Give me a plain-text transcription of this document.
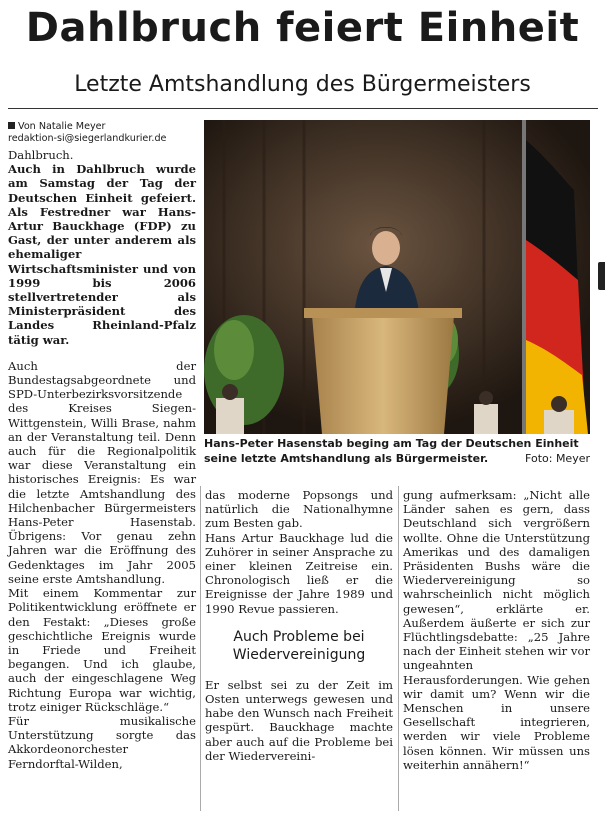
Dahlbruch feiert Einheit
Letzte Amtshandlung des Bürgermeisters
Von Natalie Meyer
redaktion-si@siegerlandkurier.de

Dahlbruch.

Auch in Dahlbruch wurde am Samstag der Tag der Deutschen Einheit gefeiert. Als Festredner war Hans-Artur Bauckhage (FDP) zu Gast, der unter anderem als ehemaliger Wirtschaftsminister und von 1999 bis 2006 stellvertretender als Ministerpräsident des Landes Rheinland-Pfalz tätig war.

Auch der Bundestagsabgeordnete und SPD-Unterbezirksvorsitzende des Kreises Siegen-Wittgenstein, Willi Brase, nahm an der Veranstaltung teil. Denn auch für die Regionalpolitik war diese Veranstaltung ein historisches Ereignis: Es war die letzte Amtshandlung des Hilchenbacher Bürgermeisters Hans-Peter Hasenstab. Übrigens: Vor genau zehn Jahren war die Eröffnung des Gedenktages im Jahr 2005 seine erste Amtshandlung.

Mit einem Kommentar zur Politikentwicklung eröffnete er den Festakt: „Dieses große geschichtliche Ereignis wurde in Friede und Freiheit begangen. Und ich glaube, auch der eingeschlagene Weg Richtung Europa war wichtig, trotz einiger Rückschläge.“

Für musikalische Unterstützung sorgte das Akkordeonorchester Ferndorftal-Wilden,

Hans-Peter Hasenstab beging am Tag der Deutschen Einheit seine letzte Amtshandlung als Bürgermeister.	Foto: Meyer

das moderne Popsongs und natürlich die Nationalhymne zum Besten gab.

Hans Artur Bauckhage lud die Zuhörer in seiner Ansprache zu einer kleinen Zeitreise ein. Chronologisch ließ er die Ereignisse der Jahre 1989 und 1990 Revue passieren.

Auch Probleme bei Wiedervereinigung

Er selbst sei zu der Zeit im Osten unterwegs gewesen und habe den Wunsch nach Freiheit gespürt. Bauckhage machte aber auch auf die Probleme bei der Wiedervereini-

gung aufmerksam: „Nicht alle Länder sahen es gern, dass Deutschland sich vergrößern wollte. Ohne die Unterstützung Amerikas und des damaligen Präsidenten Bushs wäre die Wiedervereinigung so wahrscheinlich nicht möglich gewesen“, erklärte er. Außerdem äußerte er sich zur Flüchtlingsdebatte: „25 Jahre nach der Einheit stehen wir vor ungeahnten Herausforderungen. Wie gehen wir damit um? Wenn wir die Menschen in unsere Gesellschaft integrieren, werden wir viele Probleme lösen können. Wir müssen uns weiterhin annähern!“
